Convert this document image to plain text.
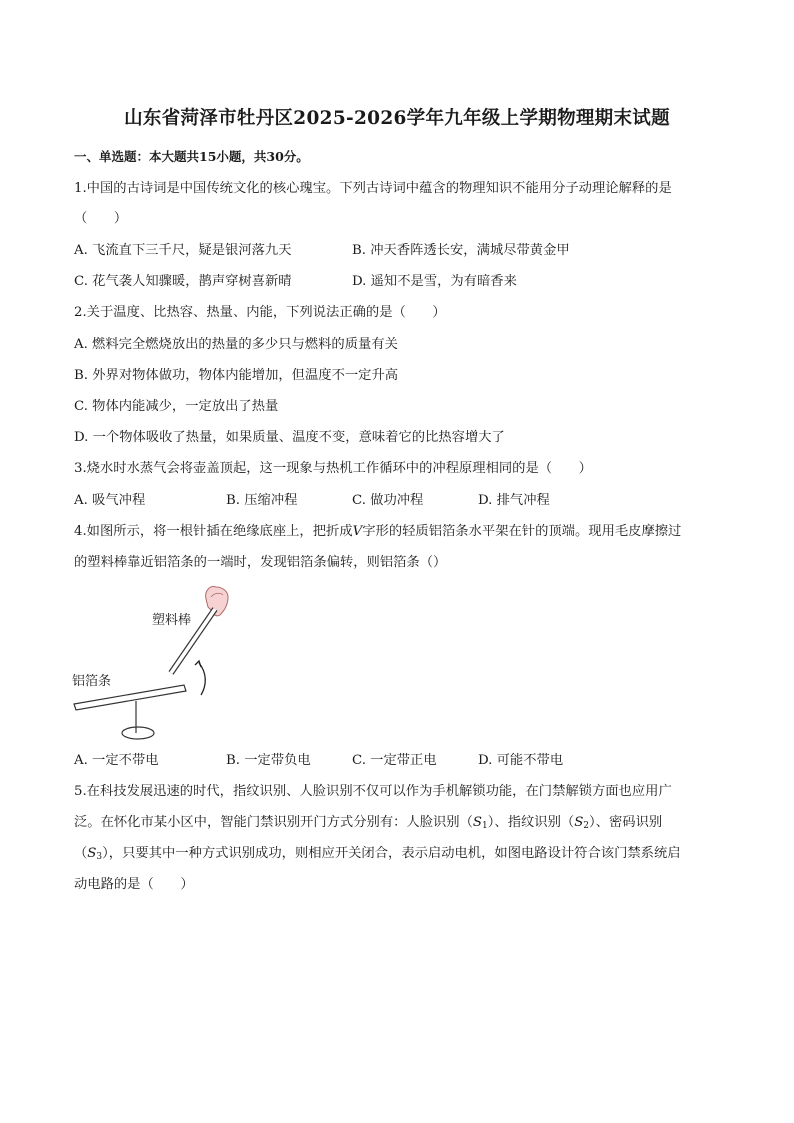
山东省菏泽市牡丹区2025-2026学年九年级上学期物理期末试题
一、单选题：本大题共15小题，共30分。
1.中国的古诗词是中国传统文化的核心瑰宝。下列古诗词中蕴含的物理知识不能用分子动理论解释的是
（　　）
A. 飞流直下三千尺，疑是银河落九天	B. 冲天香阵透长安，满城尽带黄金甲
C. 花气袭人知骤暖，鹊声穿树喜新晴	D. 遥知不是雪，为有暗香来
2.关于温度、比热容、热量、内能，下列说法正确的是（　　）
A. 燃料完全燃烧放出的热量的多少只与燃料的质量有关
B. 外界对物体做功，物体内能增加，但温度不一定升高
C. 物体内能减少，一定放出了热量
D. 一个物体吸收了热量，如果质量、温度不变，意味着它的比热容增大了
3.烧水时水蒸气会将壶盖顶起，这一现象与热机工作循环中的冲程原理相同的是（　　）
A. 吸气冲程	B. 压缩冲程	C. 做功冲程	D. 排气冲程
4.如图所示，将一根针插在绝缘底座上，把折成V字形的轻质铝箔条水平架在针的顶端。现用毛皮摩擦过
的塑料棒靠近铝箔条的一端时，发现铝箔条偏转，则铝箔条（）
塑料棒
铝箔条
A. 一定不带电	B. 一定带负电	C. 一定带正电	D. 可能不带电
5.在科技发展迅速的时代，指纹识别、人脸识别不仅可以作为手机解锁功能，在门禁解锁方面也应用广
泛。在怀化市某小区中，智能门禁识别开门方式分别有：人脸识别$(S_1)$、指纹识别$(S_2)$、密码识别
$(S_3)$，只要其中一种方式识别成功，则相应开关闭合，表示启动电机，如图电路设计符合该门禁系统启
动电路的是（　　）
